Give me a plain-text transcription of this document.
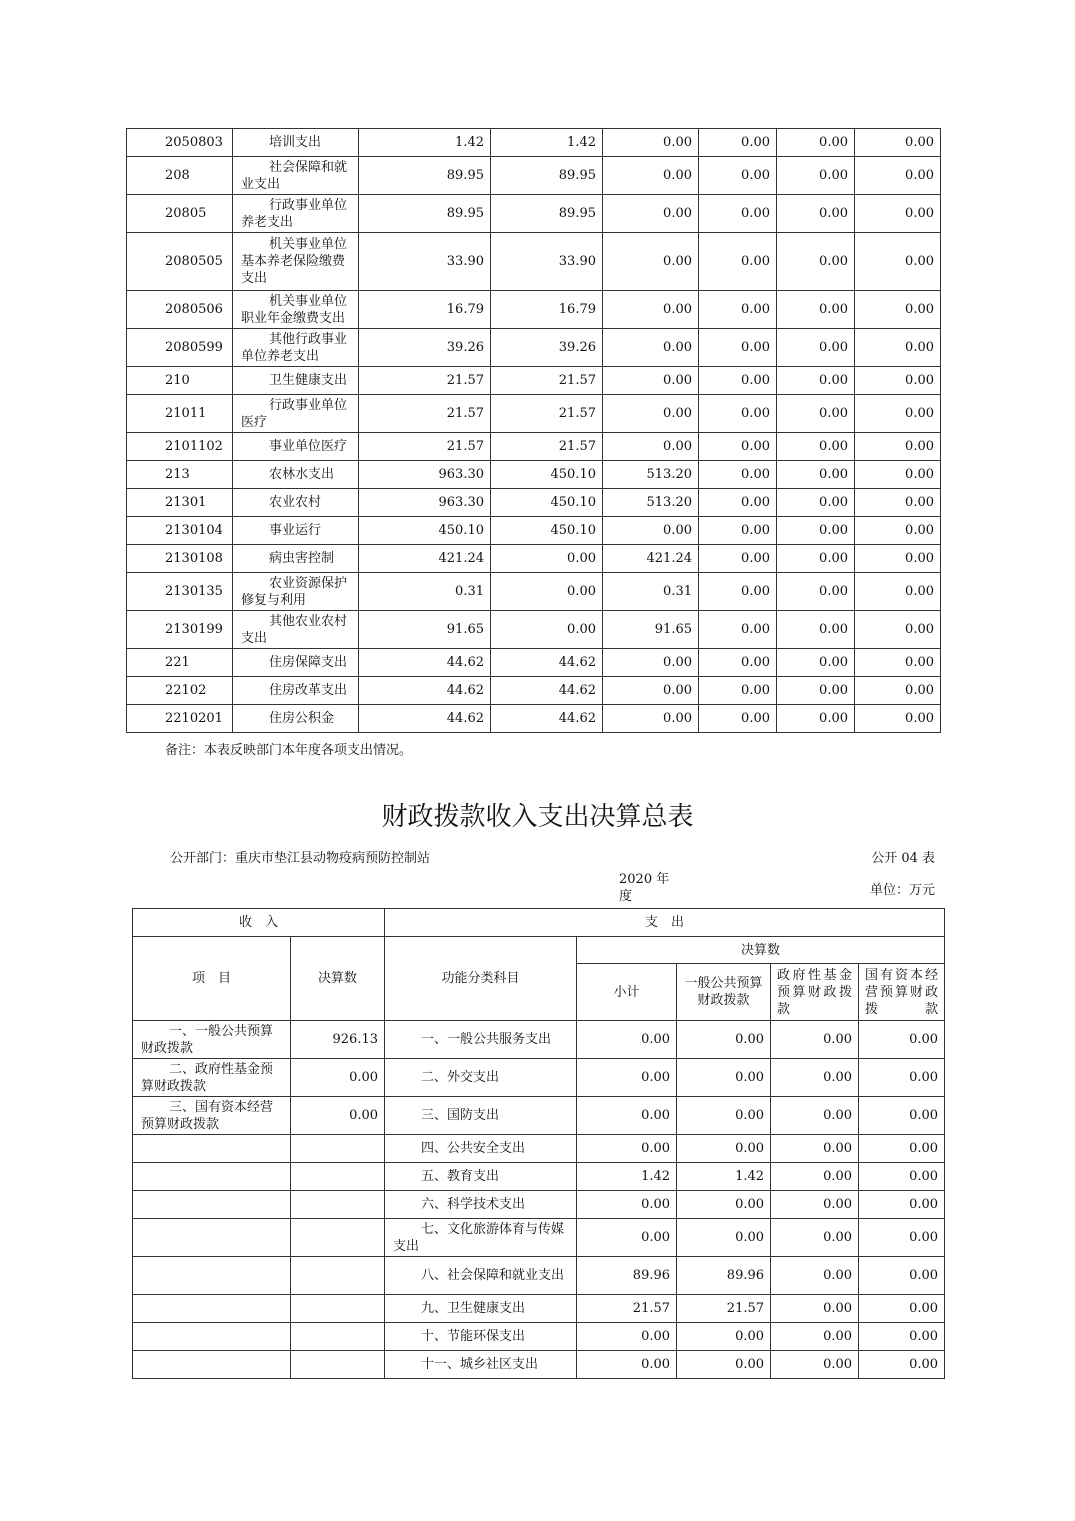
2050803	培训支出	1.42	1.42	0.00	0.00	0.00	0.00
208	社会保障和就业支出	89.95	89.95	0.00	0.00	0.00	0.00
20805	行政事业单位养老支出	89.95	89.95	0.00	0.00	0.00	0.00
2080505	机关事业单位基本养老保险缴费支出	33.90	33.90	0.00	0.00	0.00	0.00
2080506	机关事业单位职业年金缴费支出	16.79	16.79	0.00	0.00	0.00	0.00
2080599	其他行政事业单位养老支出	39.26	39.26	0.00	0.00	0.00	0.00
210	卫生健康支出	21.57	21.57	0.00	0.00	0.00	0.00
21011	行政事业单位医疗	21.57	21.57	0.00	0.00	0.00	0.00
2101102	事业单位医疗	21.57	21.57	0.00	0.00	0.00	0.00
213	农林水支出	963.30	450.10	513.20	0.00	0.00	0.00
21301	农业农村	963.30	450.10	513.20	0.00	0.00	0.00
2130104	事业运行	450.10	450.10	0.00	0.00	0.00	0.00
2130108	病虫害控制	421.24	0.00	421.24	0.00	0.00	0.00
2130135	农业资源保护修复与利用	0.31	0.00	0.31	0.00	0.00	0.00
2130199	其他农业农村支出	91.65	0.00	91.65	0.00	0.00	0.00
221	住房保障支出	44.62	44.62	0.00	0.00	0.00	0.00
22102	住房改革支出	44.62	44.62	0.00	0.00	0.00	0.00
2210201	住房公积金	44.62	44.62	0.00	0.00	0.00	0.00
备注：本表反映部门本年度各项支出情况。
财政拨款收入支出决算总表
公开部门：重庆市垫江县动物疫病预防控制站	公开 04 表
2020 年度	单位：万元
收　入		支　出				
项　目	决算数	功能分类科目	决算数			
			小计	一般公共预算财政拨款	政府性基金预算财政拨款	国有资本经营预算财政拨款
一、一般公共预算财政拨款	926.13	一、一般公共服务支出	0.00	0.00	0.00	0.00
二、政府性基金预算财政拨款	0.00	二、外交支出	0.00	0.00	0.00	0.00
三、国有资本经营预算财政拨款	0.00	三、国防支出	0.00	0.00	0.00	0.00
		四、公共安全支出	0.00	0.00	0.00	0.00
		五、教育支出	1.42	1.42	0.00	0.00
		六、科学技术支出	0.00	0.00	0.00	0.00
		七、文化旅游体育与传媒支出	0.00	0.00	0.00	0.00
		八、社会保障和就业支出	89.96	89.96	0.00	0.00
		九、卫生健康支出	21.57	21.57	0.00	0.00
		十、节能环保支出	0.00	0.00	0.00	0.00
		十一、城乡社区支出	0.00	0.00	0.00	0.00
